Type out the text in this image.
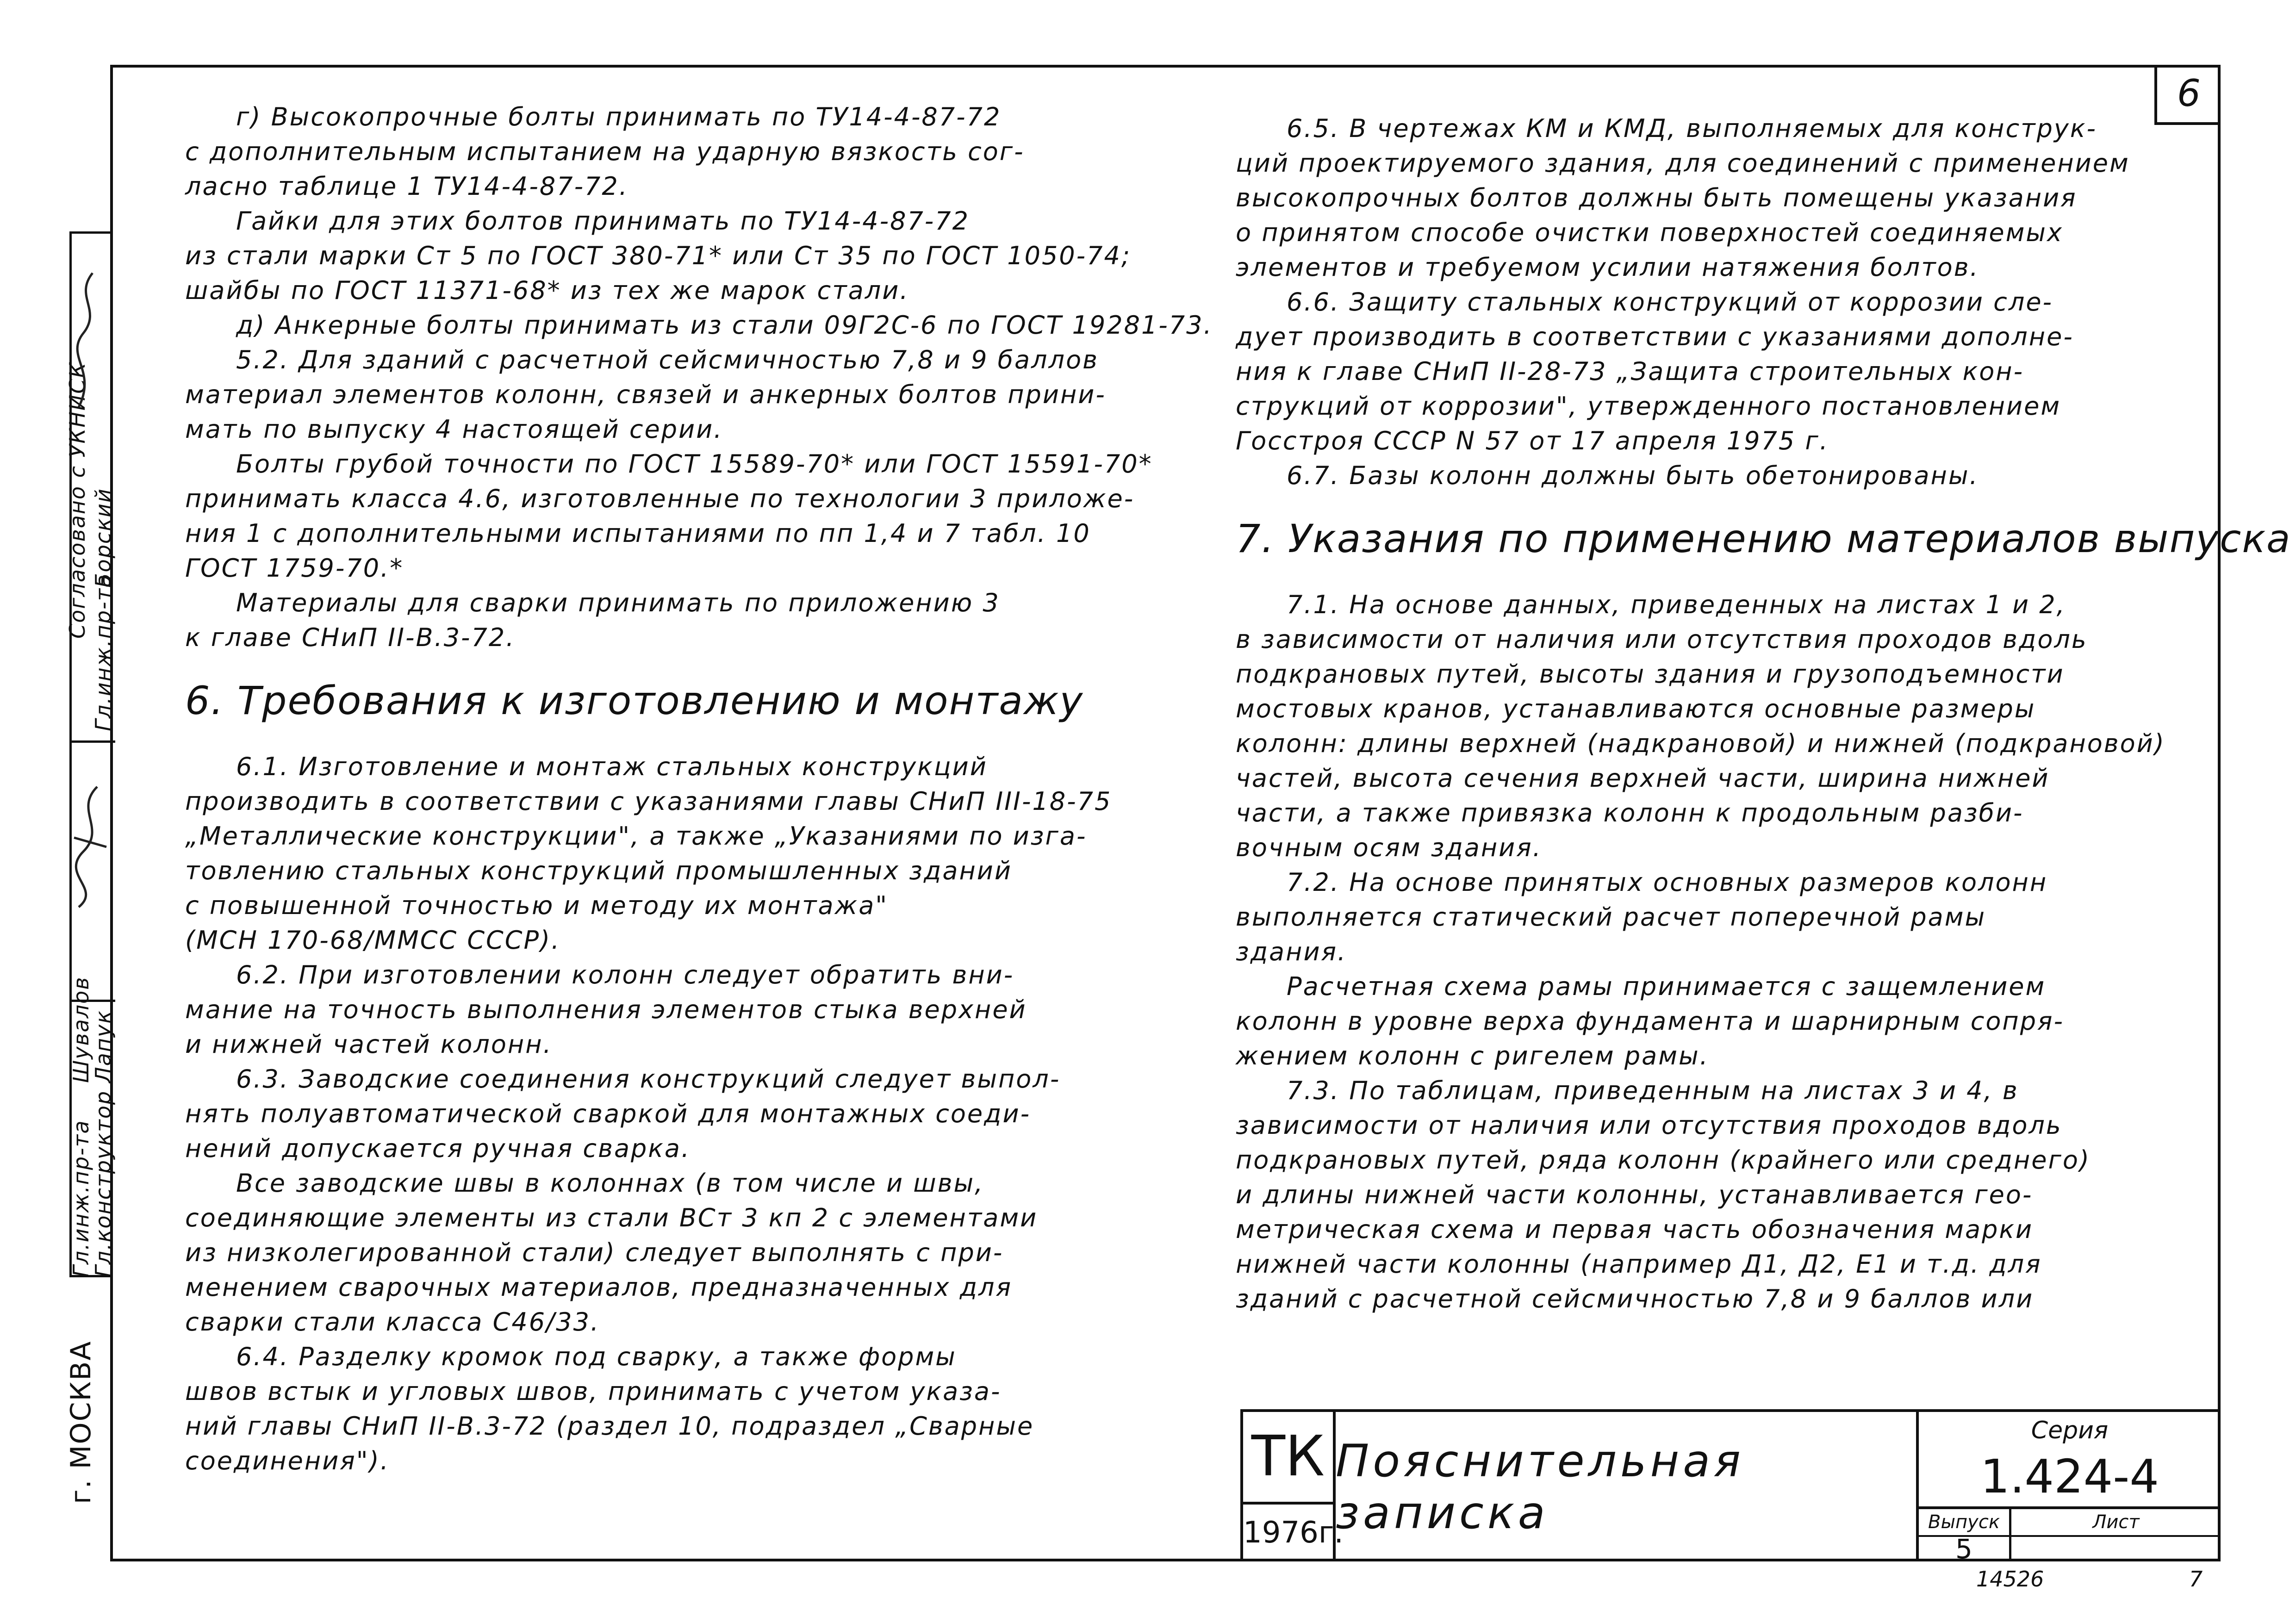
6

г) Высокопрочные болты принимать по ТУ14-4-87-72

с дополнительным испытанием на ударную вязкость сог-

ласно таблице 1 ТУ14-4-87-72.

Гайки для этих болтов принимать по ТУ14-4-87-72

из стали марки Ст 5 по ГОСТ 380-71* или Ст 35 по ГОСТ 1050-74;

шайбы по ГОСТ 11371-68* из тех же марок стали.

д) Анкерные болты принимать из стали 09Г2С-6 по ГОСТ 19281-73.

5.2. Для зданий с расчетной сейсмичностью 7,8 и 9 баллов

материал элементов колонн, связей и анкерных болтов прини-

мать по выпуску 4 настоящей серии.

Болты грубой точности по ГОСТ 15589-70* или ГОСТ 15591-70*

принимать класса 4.6, изготовленные по технологии 3 приложе-

ния 1 с дополнительными испытаниями по пп 1,4 и 7 табл. 10

ГОСТ 1759-70.*

Материалы для сварки принимать по приложению 3

к главе СНиП II-В.3-72.

6. Требования к изготовлению и монтажу

6.1. Изготовление и монтаж стальных конструкций

производить в соответствии с указаниями главы СНиП III-18-75

„Металлические конструкции", а также „Указаниями по изга-

товлению стальных конструкций промышленных зданий

с повышенной точностью и методу их монтажа"

(МСН 170-68/ММСС СССР).

6.2. При изготовлении колонн следует обратить вни-

мание на точность выполнения элементов стыка верхней

и нижней частей колонн.

6.3. Заводские соединения конструкций следует выпол-

нять полуавтоматической сваркой для монтажных соеди-

нений допускается ручная сварка.

Все заводские швы в колоннах (в том числе и швы,

соединяющие элементы из стали ВСт 3 кп 2 с элементами

из низколегированной стали) следует выполнять с при-

менением сварочных материалов, предназначенных для

сварки стали класса С46/33.

6.4. Разделку кромок под сварку, а также формы

швов встык и угловых швов, принимать с учетом указа-

ний главы СНиП II-В.3-72 (раздел 10, подраздел „Сварные

соединения").

6.5. В чертежах КМ и КМД, выполняемых для конструк-

ций проектируемого здания, для соединений с применением

высокопрочных болтов должны быть помещены указания

о принятом способе очистки поверхностей соединяемых

элементов и требуемом усилии натяжения болтов.

6.6. Защиту стальных конструкций от коррозии сле-

дует производить в соответствии с указаниями дополне-

ния к главе СНиП II-28-73 „Защита строительных кон-

струкций от коррозии", утвержденного постановлением

Госстроя СССР N 57 от 17 апреля 1975 г.

6.7. Базы колонн должны быть обетонированы.

7. Указания по применению материалов выпуска

7.1. На основе данных, приведенных на листах 1 и 2,

в зависимости от наличия или отсутствия проходов вдоль

подкрановых путей, высоты здания и грузоподъемности

мостовых кранов, устанавливаются основные размеры

колонн: длины верхней (надкрановой) и нижней (подкрановой)

частей, высота сечения верхней части, ширина нижней

части, а также привязка колонн к продольным разби-

вочным осям здания.

7.2. На основе принятых основных размеров колонн

выполняется статический расчет поперечной рамы

здания.

Расчетная схема рамы принимается с защемлением

колонн в уровне верха фундамента и шарнирным сопря-

жением колонн с ригелем рамы.

7.3. По таблицам, приведенным на листах 3 и 4, в

зависимости от наличия или отсутствия проходов вдоль

подкрановых путей, ряда колонн (крайнего или среднего)

и длины нижней части колонны, устанавливается гео-

метрическая схема и первая часть обозначения марки

нижней части колонны (например Д1, Д2, Е1 и т.д. для

зданий с расчетной сейсмичностью 7,8 и 9 баллов или

Согласовано с УКНИСК
Гл.инж.пр-та
Борский
Гл.конструктор
Шувалов
Гл.инж.пр-та
Лапук
г. МОСКВА	ТК
1976г.
Пояснительная записка
Серия
1.424-4
Выпуск
5
Лист
14526	7
